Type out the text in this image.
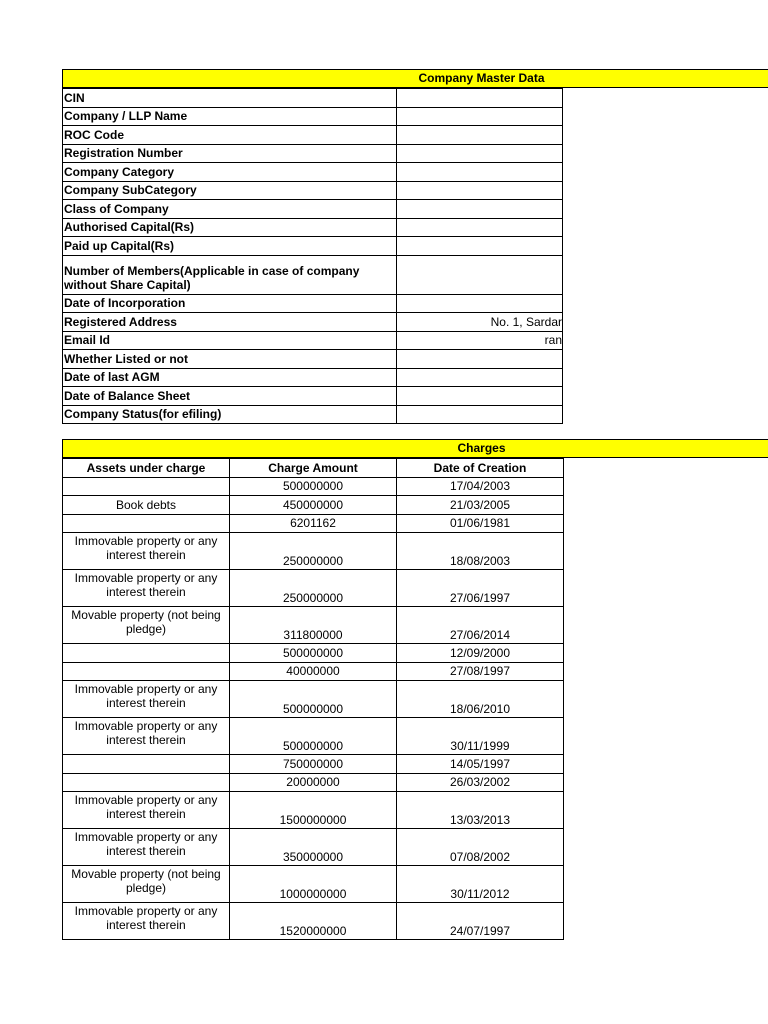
Company Master Data
CIN	
Company / LLP Name	
ROC Code	
Registration Number	
Company Category	
Company SubCategory	
Class of Company	
Authorised Capital(Rs)	
Paid up Capital(Rs)	
Number of Members(Applicable in case of company without Share Capital)	
Date of Incorporation	
Registered Address	No. 1, Sardar
Email Id	ran
Whether Listed or not	
Date of last AGM	
Date of Balance Sheet	
Company Status(for efiling)	
Charges
Assets under charge	Charge Amount	Date of Creation
	500000000	17/04/2003
Book debts	450000000	21/03/2005
	6201162	01/06/1981
Immovable property or any interest therein	250000000	18/08/2003
Immovable property or any interest therein	250000000	27/06/1997
Movable property (not being pledge)	311800000	27/06/2014
	500000000	12/09/2000
	40000000	27/08/1997
Immovable property or any interest therein	500000000	18/06/2010
Immovable property or any interest therein	500000000	30/11/1999
	750000000	14/05/1997
	20000000	26/03/2002
Immovable property or any interest therein	1500000000	13/03/2013
Immovable property or any interest therein	350000000	07/08/2002
Movable property (not being pledge)	1000000000	30/11/2012
Immovable property or any interest therein	1520000000	24/07/1997
